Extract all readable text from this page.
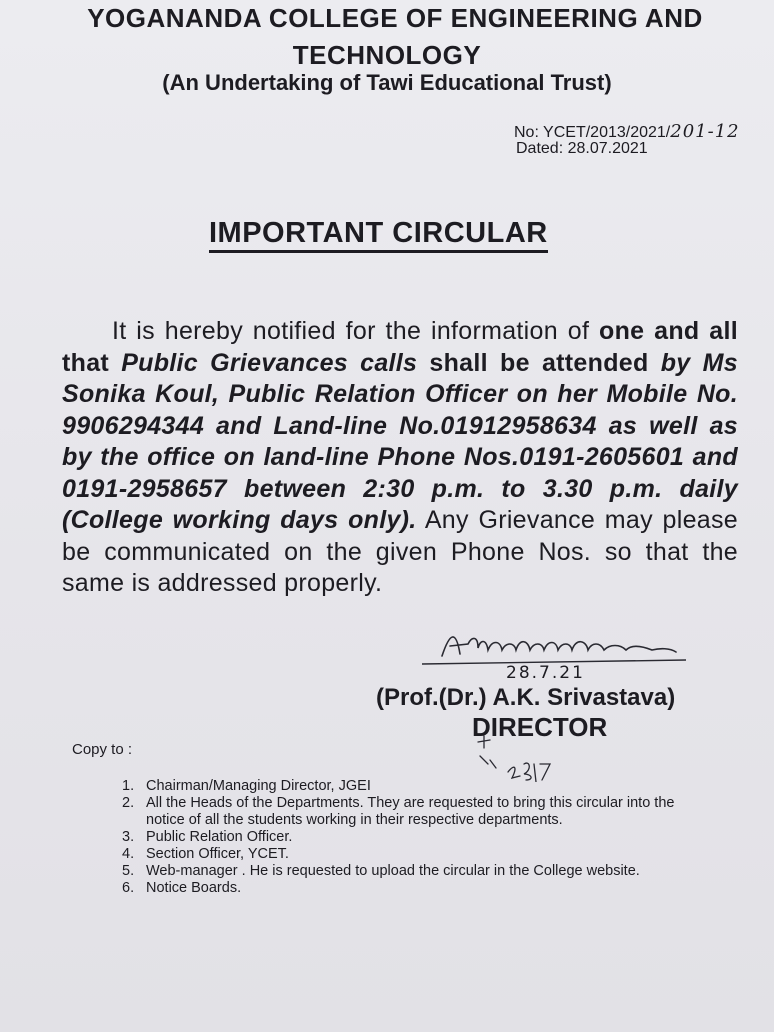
YOGANANDA COLLEGE OF ENGINEERING AND
TECHNOLOGY
(An Undertaking of Tawi Educational Trust)
No: YCET/2013/2021/201-12
Dated: 28.07.2021
IMPORTANT CIRCULAR

It is hereby notified for the information of one and all that Public Grievances calls shall be attended by Ms Sonika Koul, Public Relation Officer on her Mobile No. 9906294344 and Land-line No.01912958634 as well as by the office on land-line Phone Nos.0191-2605601 and 0191-2958657 between 2:30 p.m. to 3.30 p.m. daily (College working days only). Any Grievance may please be communicated on the given Phone Nos. so that the same is addressed properly.

28.7.21
(Prof.(Dr.) A.K. Srivastava)
DIRECTOR
Copy to :
1. Chairman/Managing Director, JGEI
2. All the Heads of the Departments. They are requested to bring this circular into the notice of all the students working in their respective departments.
3. Public Relation Officer.
4. Section Officer, YCET.
5. Web-manager . He is requested to upload the circular in the College website.
6. Notice Boards.
